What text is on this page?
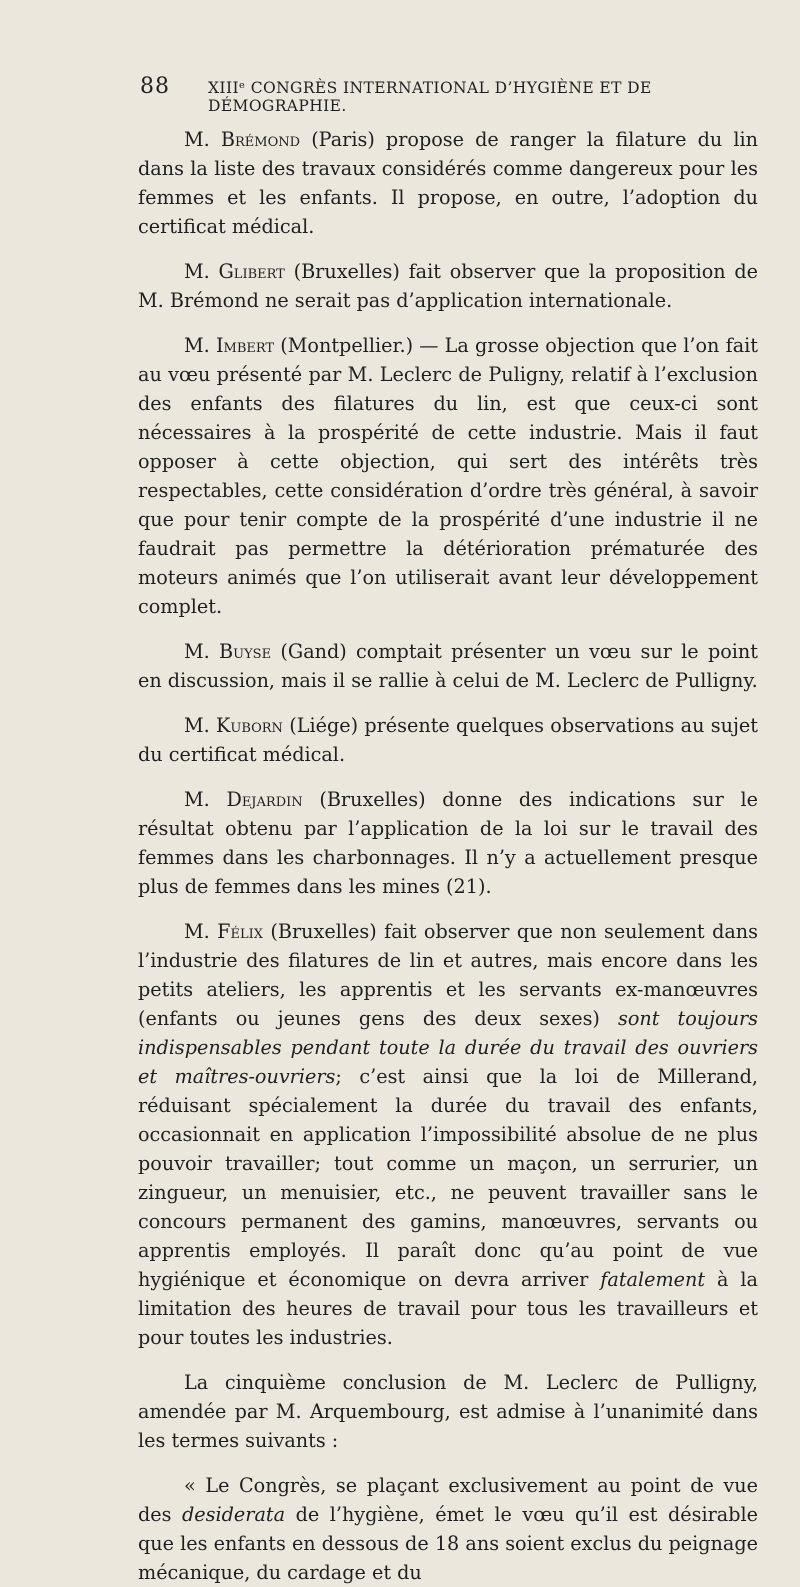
88 XIIIᵉ CONGRÈS INTERNATIONAL D’HYGIÈNE ET DE DÉMOGRAPHIE.

M. Brémond (Paris) propose de ranger la filature du lin dans la liste des travaux considérés comme dangereux pour les femmes et les enfants. Il propose, en outre, l’adoption du certificat médical.

M. Glibert (Bruxelles) fait observer que la proposition de M. Brémond ne serait pas d’application internationale.

M. Imbert (Montpellier.) — La grosse objection que l’on fait au vœu présenté par M. Leclerc de Puligny, relatif à l’exclusion des enfants des filatures du lin, est que ceux-ci sont nécessaires à la prospérité de cette industrie. Mais il faut opposer à cette objection, qui sert des intérêts très respectables, cette considération d’ordre très général, à savoir que pour tenir compte de la prospérité d’une industrie il ne faudrait pas permettre la détérioration prématurée des moteurs animés que l’on utiliserait avant leur développement complet.

M. Buyse (Gand) comptait présenter un vœu sur le point en discussion, mais il se rallie à celui de M. Leclerc de Pulligny.

M. Kuborn (Liége) présente quelques observations au sujet du certificat médical.

M. Dejardin (Bruxelles) donne des indications sur le résultat obtenu par l’application de la loi sur le travail des femmes dans les charbonnages. Il n’y a actuellement presque plus de femmes dans les mines (21).

M. Félix (Bruxelles) fait observer que non seulement dans l’industrie des filatures de lin et autres, mais encore dans les petits ateliers, les apprentis et les servants ex-manœuvres (enfants ou jeunes gens des deux sexes) sont toujours indispensables pendant toute la durée du travail des ouvriers et maîtres-ouvriers; c’est ainsi que la loi de Millerand, réduisant spécialement la durée du travail des enfants, occasionnait en application l’impossibilité absolue de ne plus pouvoir travailler; tout comme un maçon, un serrurier, un zingueur, un menuisier, etc., ne peuvent travailler sans le concours permanent des gamins, manœuvres, servants ou apprentis employés. Il paraît donc qu’au point de vue hygiénique et économique on devra arriver fatalement à la limitation des heures de travail pour tous les travailleurs et pour toutes les industries.

La cinquième conclusion de M. Leclerc de Pulligny, amendée par M. Arquembourg, est admise à l’unanimité dans les termes suivants :

« Le Congrès, se plaçant exclusivement au point de vue des desiderata de l’hygiène, émet le vœu qu’il est désirable que les enfants en dessous de 18 ans soient exclus du peignage mécanique, du cardage et du
